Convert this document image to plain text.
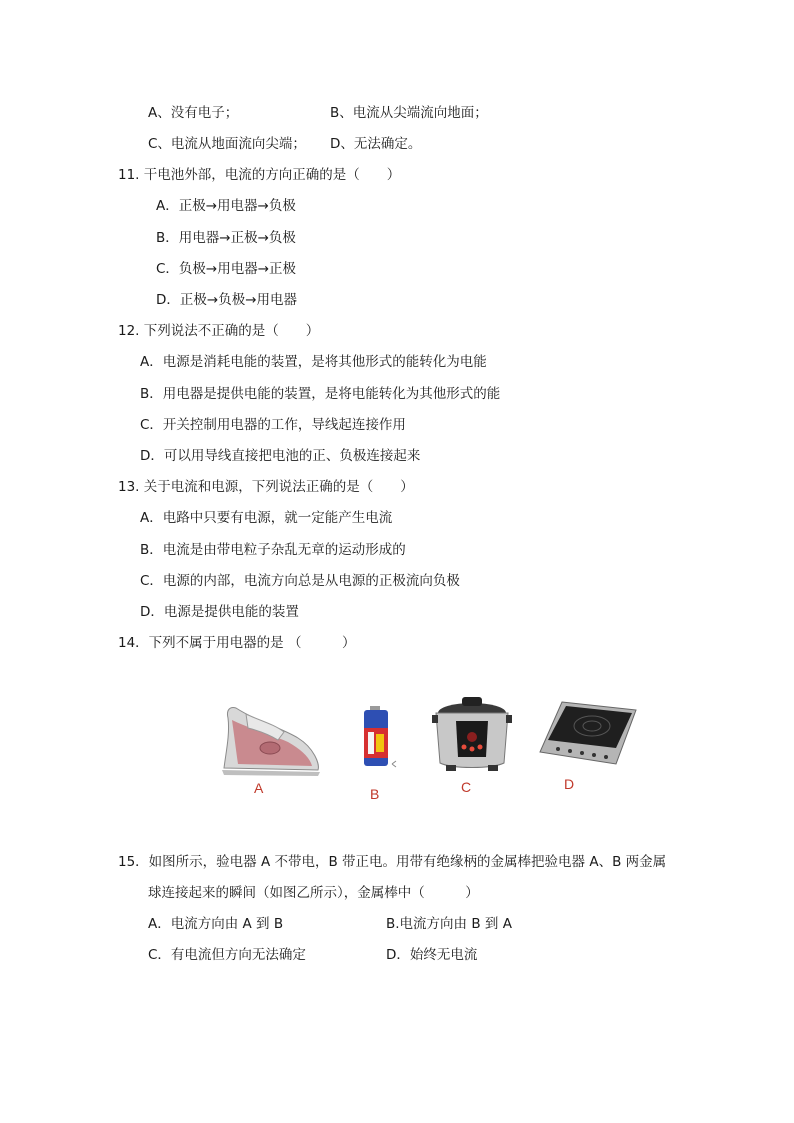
A、没有电子；	B、电流从尖端流向地面；
C、电流从地面流向尖端； D、无法确定。
11. 干电池外部，电流的方向正确的是（　　）
A．正极→用电器→负极
B．用电器→正极→负极
C．负极→用电器→正极
D．正极→负极→用电器
12. 下列说法不正确的是（　　）
A．电源是消耗电能的装置，是将其他形式的能转化为电能
B．用电器是提供电能的装置，是将电能转化为其他形式的能
C．开关控制用电器的工作，导线起连接作用
D．可以用导线直接把电池的正、负极连接起来
13. 关于电流和电源，下列说法正确的是（　　）
A．电路中只要有电源，就一定能产生电流
B．电流是由带电粒子杂乱无章的运动形成的
C．电源的内部，电流方向总是从电源的正极流向负极
D．电源是提供电能的装置
14．下列不属于用电器的是 （　　　）
A	B	C	D
15．如图所示，验电器 A 不带电，B 带正电。用带有绝缘柄的金属棒把验电器 A、B 两金属
球连接起来的瞬间（如图乙所示），金属棒中（　　　）
A．电流方向由 A 到 B	B.电流方向由 B 到 A
C．有电流但方向无法确定	D．始终无电流
